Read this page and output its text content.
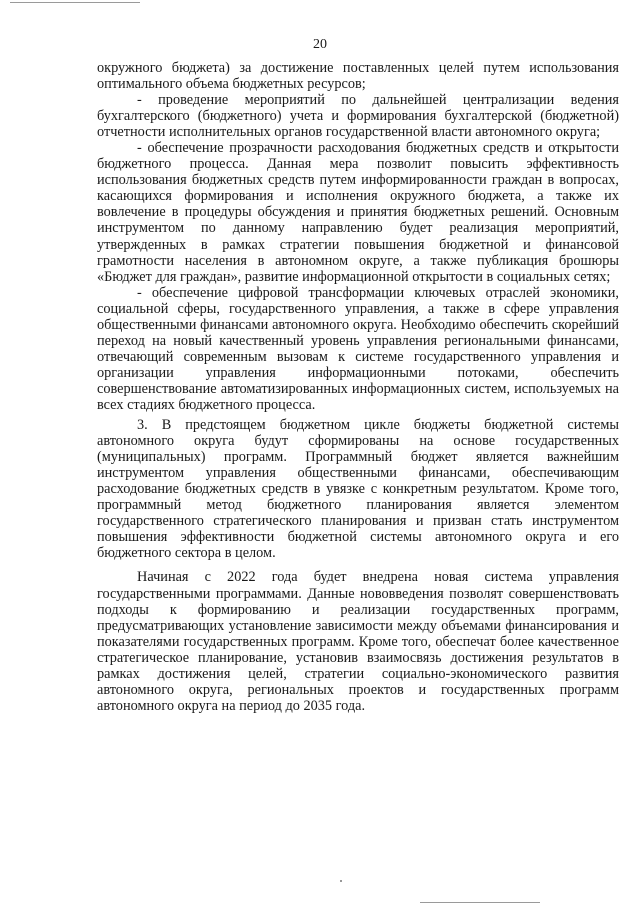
20

окружного бюджета) за достижение поставленных целей путем использования оптимального объема бюджетных ресурсов;

- проведение мероприятий по дальнейшей централизации ведения бухгалтерского (бюджетного) учета и формирования бухгалтерской (бюджетной) отчетности исполнительных органов государственной власти автономного округа;

- обеспечение прозрачности расходования бюджетных средств и открытости бюджетного процесса. Данная мера позволит повысить эффективность использования бюджетных средств путем информированности граждан в вопросах, касающихся формирования и исполнения окружного бюджета, а также их вовлечение в процедуры обсуждения и принятия бюджетных решений. Основным инструментом по данному направлению будет реализация мероприятий, утвержденных в рамках стратегии повышения бюджетной и финансовой грамотности населения в автономном округе, а также публикация брошюры «Бюджет для граждан», развитие информационной открытости в социальных сетях;

- обеспечение цифровой трансформации ключевых отраслей экономики, социальной сферы, государственного управления, а также в сфере управления общественными финансами автономного округа. Необходимо обеспечить скорейший переход на новый качественный уровень управления региональными финансами, отвечающий современным вызовам к системе государственного управления и организации управления информационными потоками, обеспечить совершенствование автоматизированных информационных систем, используемых на всех стадиях бюджетного процесса.

3. В предстоящем бюджетном цикле бюджеты бюджетной системы автономного округа будут сформированы на основе государственных (муниципальных) программ. Программный бюджет является важнейшим инструментом управления общественными финансами, обеспечивающим расходование бюджетных средств в увязке с конкретным результатом. Кроме того, программный метод бюджетного планирования является элементом государственного стратегического планирования и призван стать инструментом повышения эффективности бюджетной системы автономного округа и его бюджетного сектора в целом.

Начиная с 2022 года будет внедрена новая система управления государственными программами. Данные нововведения позволят совершенствовать подходы к формированию и реализации государственных программ, предусматривающих установление зависимости между объемами финансирования и показателями государственных программ. Кроме того, обеспечат более качественное стратегическое планирование, установив взаимосвязь достижения результатов в рамках достижения целей, стратегии социально-экономического развития автономного округа, региональных проектов и государственных программ автономного округа на период до 2035 года.
